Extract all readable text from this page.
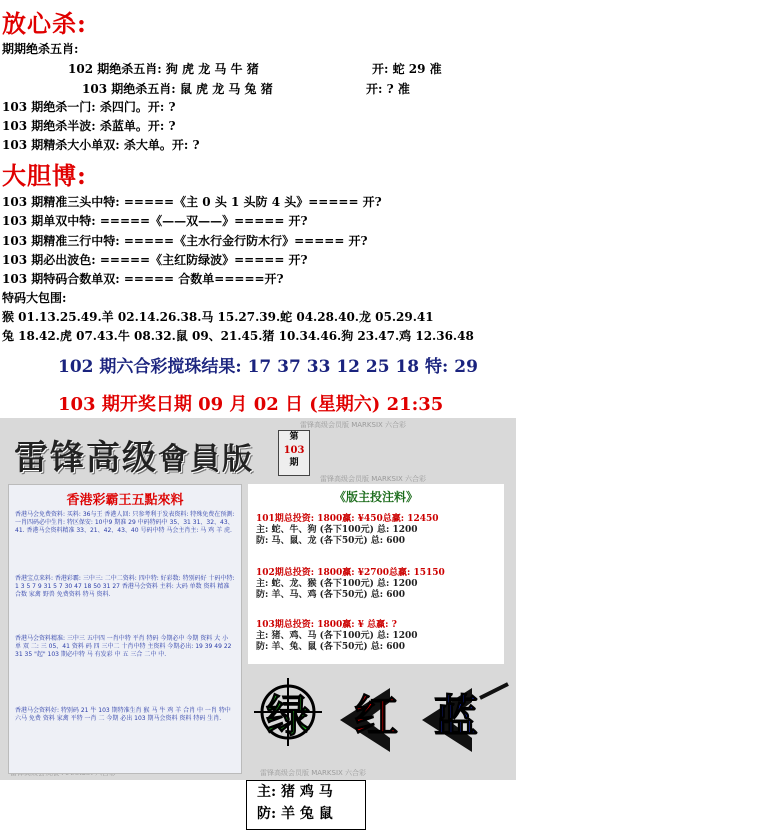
放心杀:
期期绝杀五肖:
102 期绝杀五肖: 狗 虎 龙 马 牛 猪	开: 蛇 29 准
103 期绝杀五肖: 鼠 虎 龙 马 兔 猪	开: ? 准
103 期绝杀一门: 杀四门。开: ?
103 期绝杀半波: 杀蓝单。开: ?
103 期精杀大小单双: 杀大单。开: ?
大胆博:
103 期精准三头中特: =====《主 0 头 1 头防 4 头》===== 开?
103 期单双中特: =====《——双——》===== 开?
103 期精准三行中特: =====《主水行金行防木行》===== 开?
103 期必出波色: =====《主红防绿波》===== 开?
103 期特码合数单双: ===== 合数单=====开?
特码大包围:
猴 01.13.25.49.羊 02.14.26.38.马 15.27.39.蛇 04.28.40.龙 05.29.41
兔 18.42.虎 07.43.牛 08.32.鼠 09、21.45.猪 10.34.46.狗 23.47.鸡 12.36.48
102 期六合彩搅珠结果: 17 37 33 12 25 18 特: 29
103 期开奖日期 09 月 02 日 (星期六) 21:35
雷锋高级会员版 MARKSIX 六合彩
雷锋高级会员版 MARKSIX 六合彩
雷锋高级会员版 MARKSIX 六合彩
雷锋高级會員版
第
103
期
香港彩霸王五點來料
香港马会免费资料: 买料: 36与王 香港人回: 只参考利于发表资料: 特殊免费在预测: 一肖四码必中生肖: 特区保安: 10中9 期准 29 中码特码中 35、31 31、32、43、41. 香港马会资料精准 33、21、42、43、40 号码中特 马会主肖主: 马 鸡 羊 虎.
香港宝点来料: 香港彩霸: 三中三: 二中二资料: 四中特: 好彩数: 特别码好 十码中特: 1 3 5 7 9 31 5 7 30 47 18 50 31 27 香港马会资料 主料: 大码 单数 资料 精准 合数 家禽 野兽 免费资料 特马 资料.
香港马会资料精准: 三中三 五中四 一肖中特 平肖 特码 今期必中 今期 资料 大 小 单 双 二: 三 05、41 资料 码 四 三中二 十肖中特 主资料 今期必出: 19 39 49 22 31 35 "起" 103 期必中特 马 有发彩 中 五 三合 二中 中.
香港马会资料好: 特别码 21 牛 103 期特准生肖 猴 马 牛 鸡 羊 合肖 中 一肖 特中 六马 免费 资料 家禽 平特 一肖 二 今期 必出 103 期马会资料 资料 特码 生肖.
《版主投注料》
101期总投资: 1800赢: ¥450总赢: 12450
主: 蛇、牛、狗 (各下100元) 总: 1200
防: 马、鼠、龙 (各下50元) 总: 600
102期总投资: 1800赢: ¥2700总赢: 15150
主: 蛇、龙、猴 (各下100元) 总: 1200
防: 羊、马、鸡 (各下50元) 总: 600
103期总投资: 1800赢: ¥ 总赢: ?
主: 猪、鸡、马 (各下100元) 总: 1200
防: 羊、兔、鼠 (各下50元) 总: 600
绿 红 蓝
主: 猪 鸡 马
防: 羊 兔 鼠
